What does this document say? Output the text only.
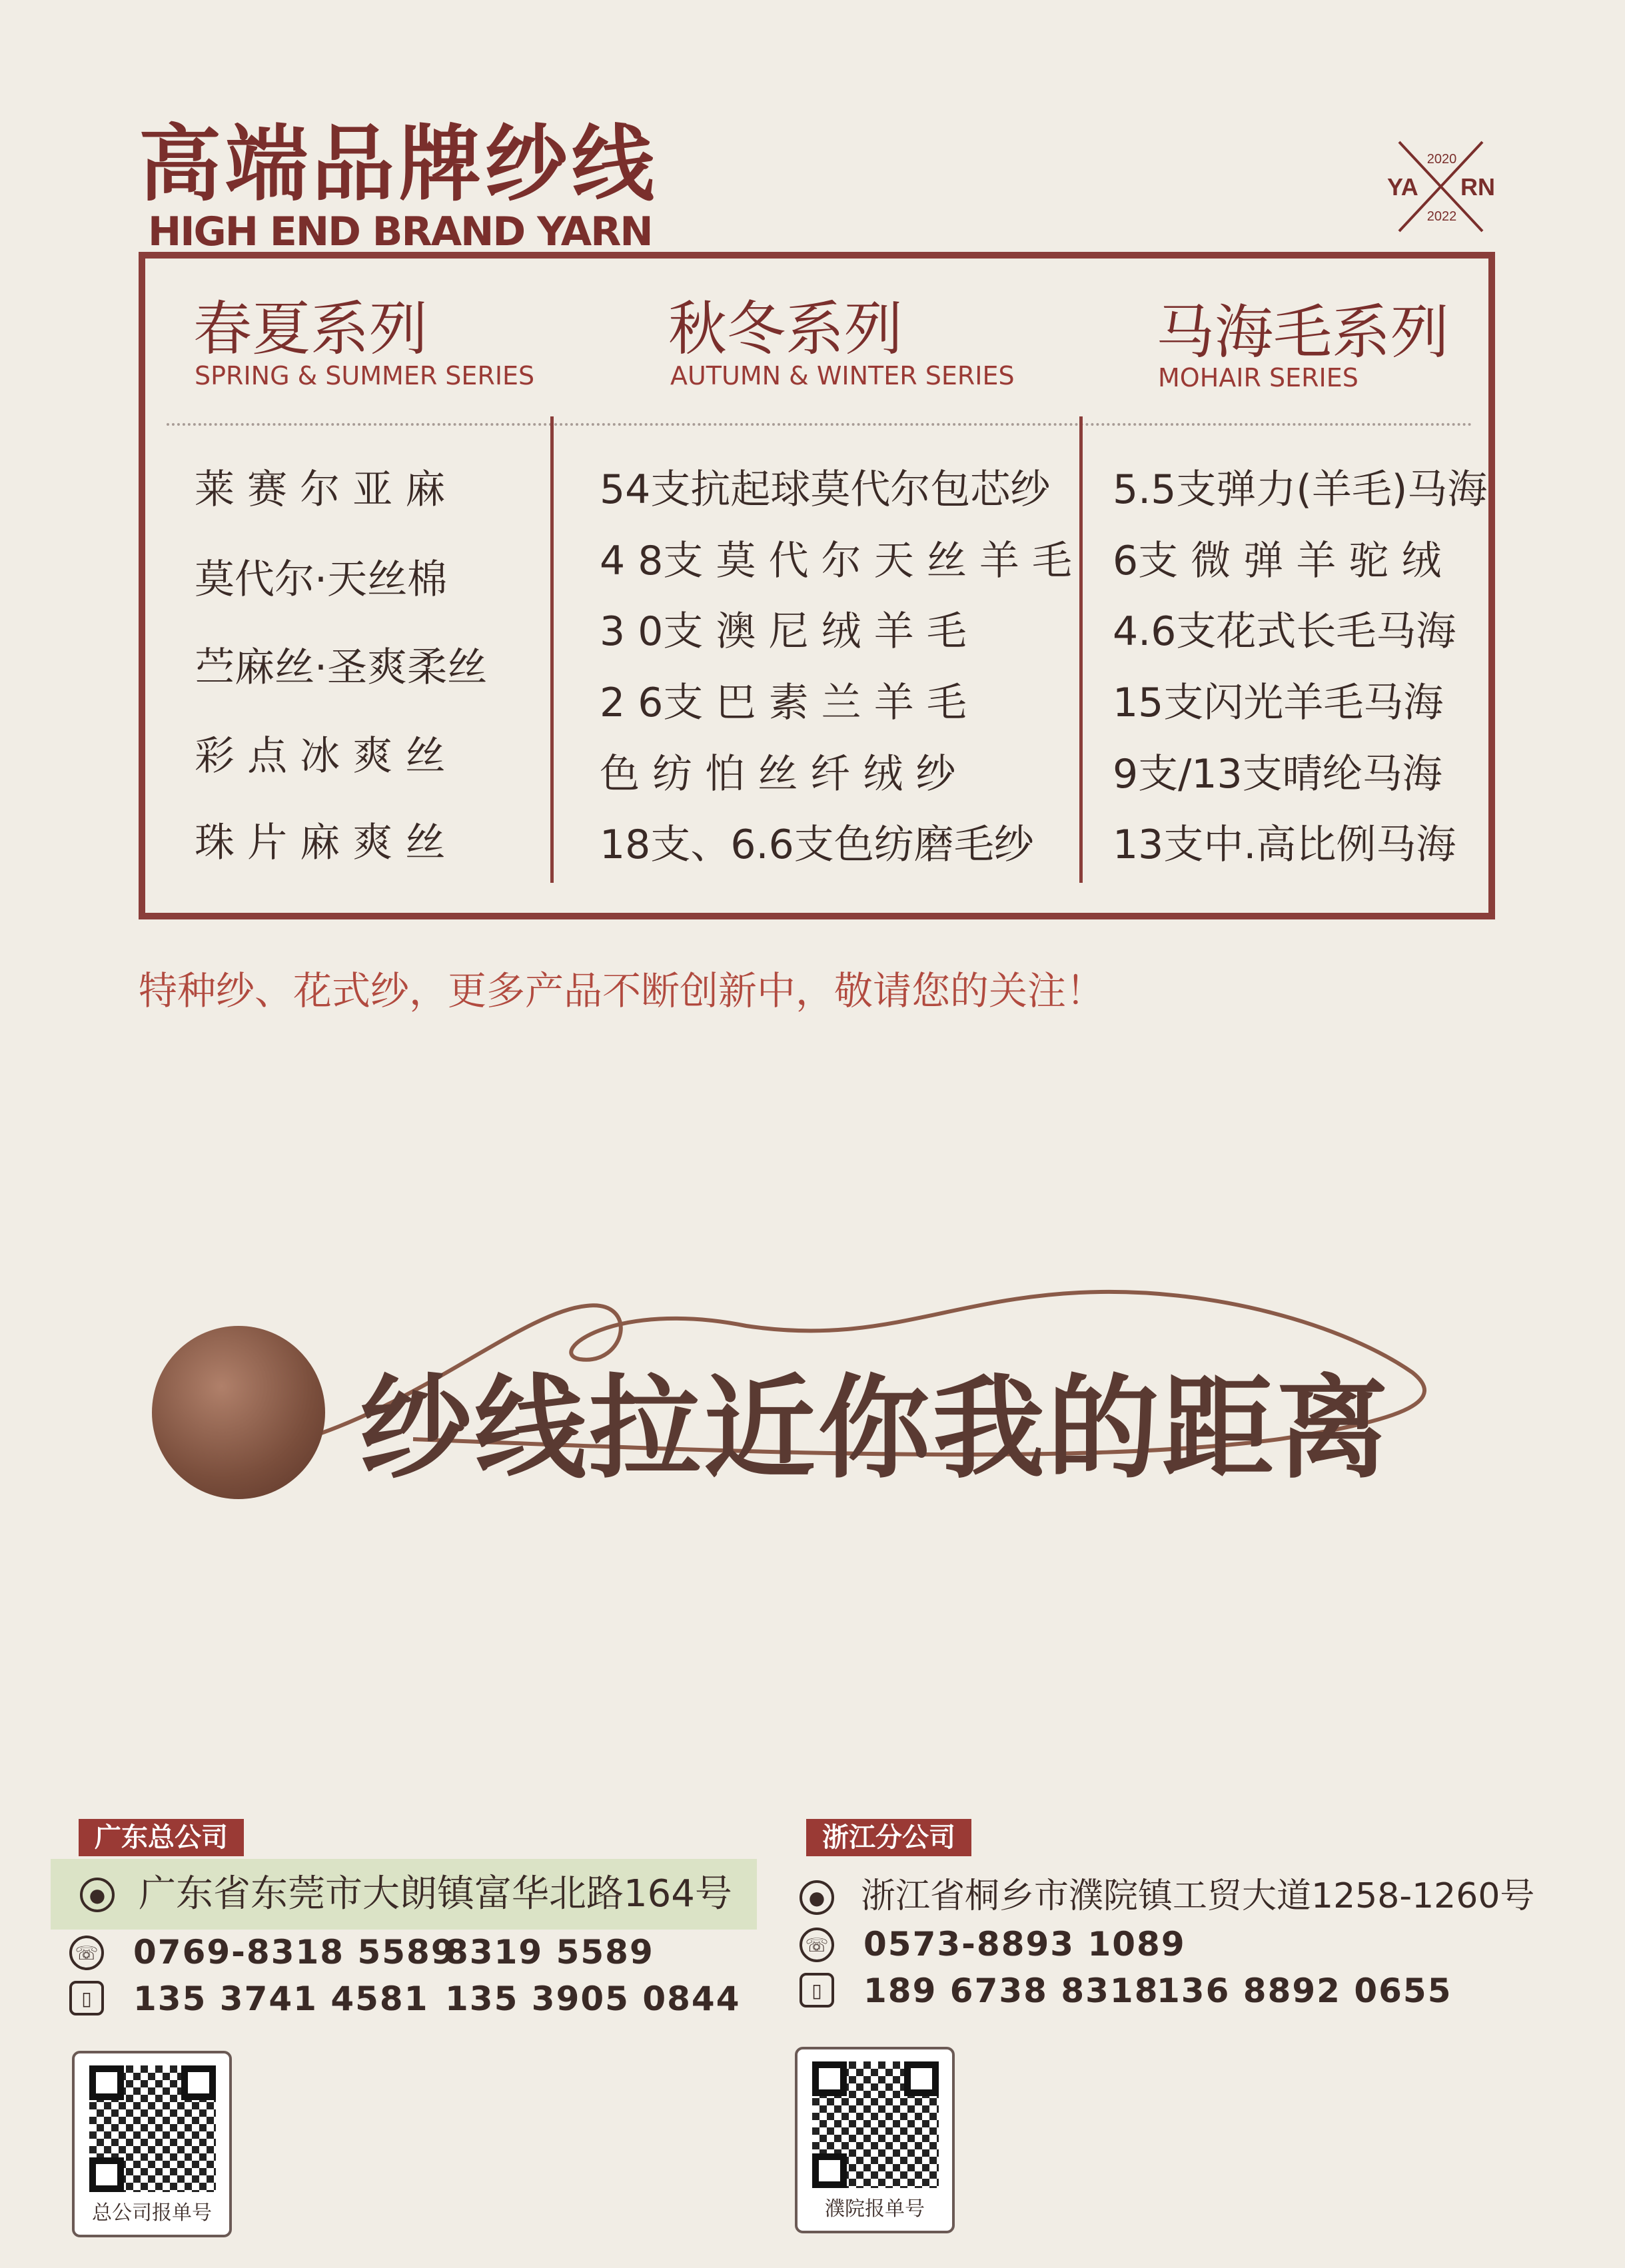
高端品牌纱线
HIGH END BRAND YARN
2020
2022
YA RN
春夏系列
SPRING & SUMMER SERIES
秋冬系列
AUTUMN & WINTER SERIES
马海毛系列
MOHAIR SERIES
莱 赛 尔 亚 麻
莫代尔·天丝棉
苎麻丝·圣爽柔丝
彩 点 冰 爽 丝
珠 片 麻 爽 丝
54支抗起球莫代尔包芯纱
4 8支 莫 代 尔 天 丝 羊 毛
3 0支 澳 尼 绒 羊 毛
2 6支 巴 素 兰 羊 毛
色 纺 怕 丝 纤 绒 纱
18支、6.6支色纺磨毛纱
5.5支弹力(羊毛)马海
6支 微 弹 羊 驼 绒
4.6支花式长毛马海
15支闪光羊毛马海
9支/13支晴纶马海
13支中.高比例马海
特种纱、花式纱，更多产品不断创新中，敬请您的关注！
纱线拉近你我的距离
广东总公司
● 广东省东莞市大朗镇富华北路164号
☏ 0769-8318 5589
8319 5589
▯	135 3741 4581 135 3905 0844
总公司报单号
浙江分公司
● 浙江省桐乡市濮院镇工贸大道1258-1260号
☏ 0573-8893 1089
▯	189 6738 8318
136 8892 0655
濮院报单号
